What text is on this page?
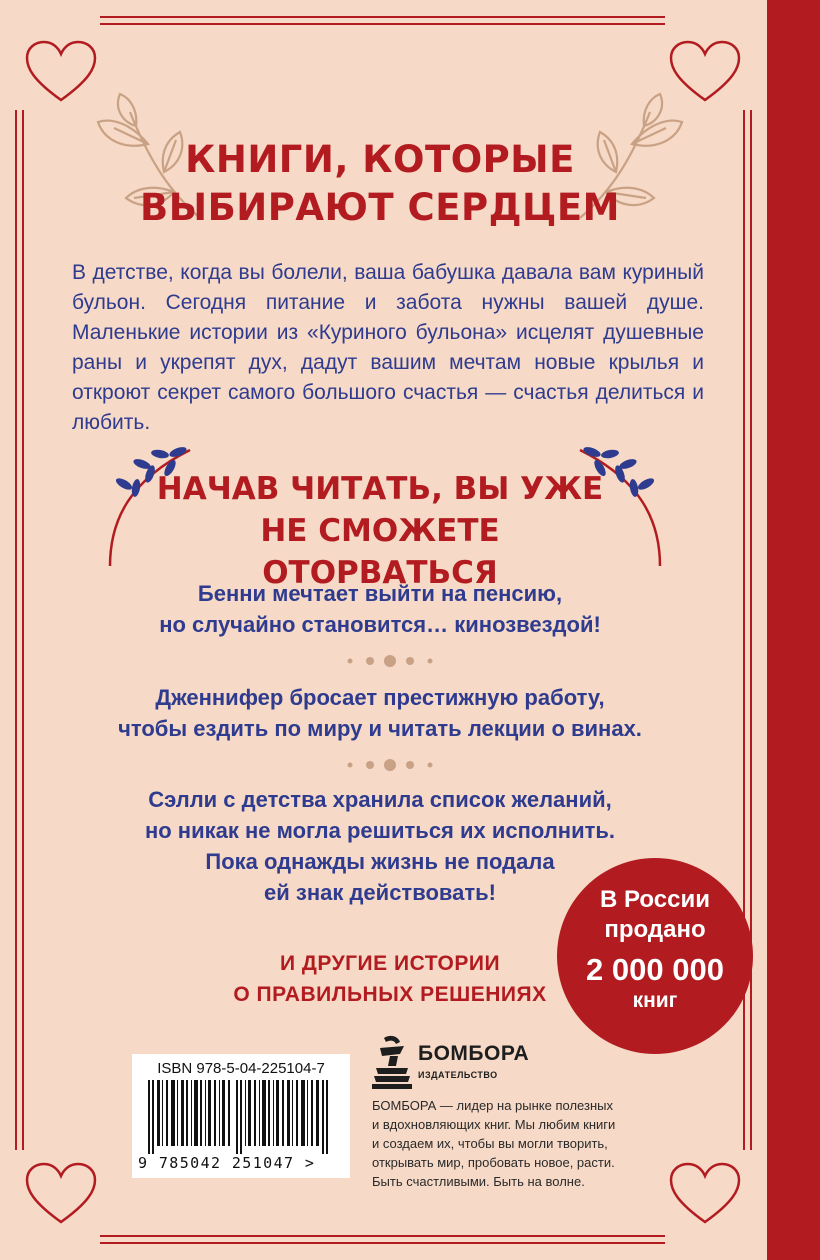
КНИГИ, КОТОРЫЕ
ВЫБИРАЮТ СЕРДЦЕМ
В детстве, когда вы болели, ваша бабушка давала вам куриный бульон. Сегодня питание и забота нужны вашей душе. Маленькие истории из «Куриного бульона» исцелят душевные раны и укрепят дух, дадут вашим мечтам новые крылья и откроют секрет самого большого счастья — счастья делиться и любить.
НАЧАВ ЧИТАТЬ, ВЫ УЖЕ
НЕ СМОЖЕТЕ ОТОРВАТЬСЯ
Бенни мечтает выйти на пенсию,
но случайно становится… кинозвездой!
Дженнифер бросает престижную работу,
чтобы ездить по миру и читать лекции о винах.
Сэлли с детства хранила список желаний,
но никак не могла решиться их исполнить.
Пока однажды жизнь не подала
ей знак действовать!
И ДРУГИЕ ИСТОРИИ
О ПРАВИЛЬНЫХ РЕШЕНИЯХ
В России
продано
2 000 000
книг
ISBN 978-5-04-225104-7
9 785042 251047 >
БОМБОРА
ИЗДАТЕЛЬСТВО
БОМБОРА — лидер на рынке полезных
и вдохновляющих книг. Мы любим книги
и создаем их, чтобы вы могли творить,
открывать мир, пробовать новое, расти.
Быть счастливыми. Быть на волне.
